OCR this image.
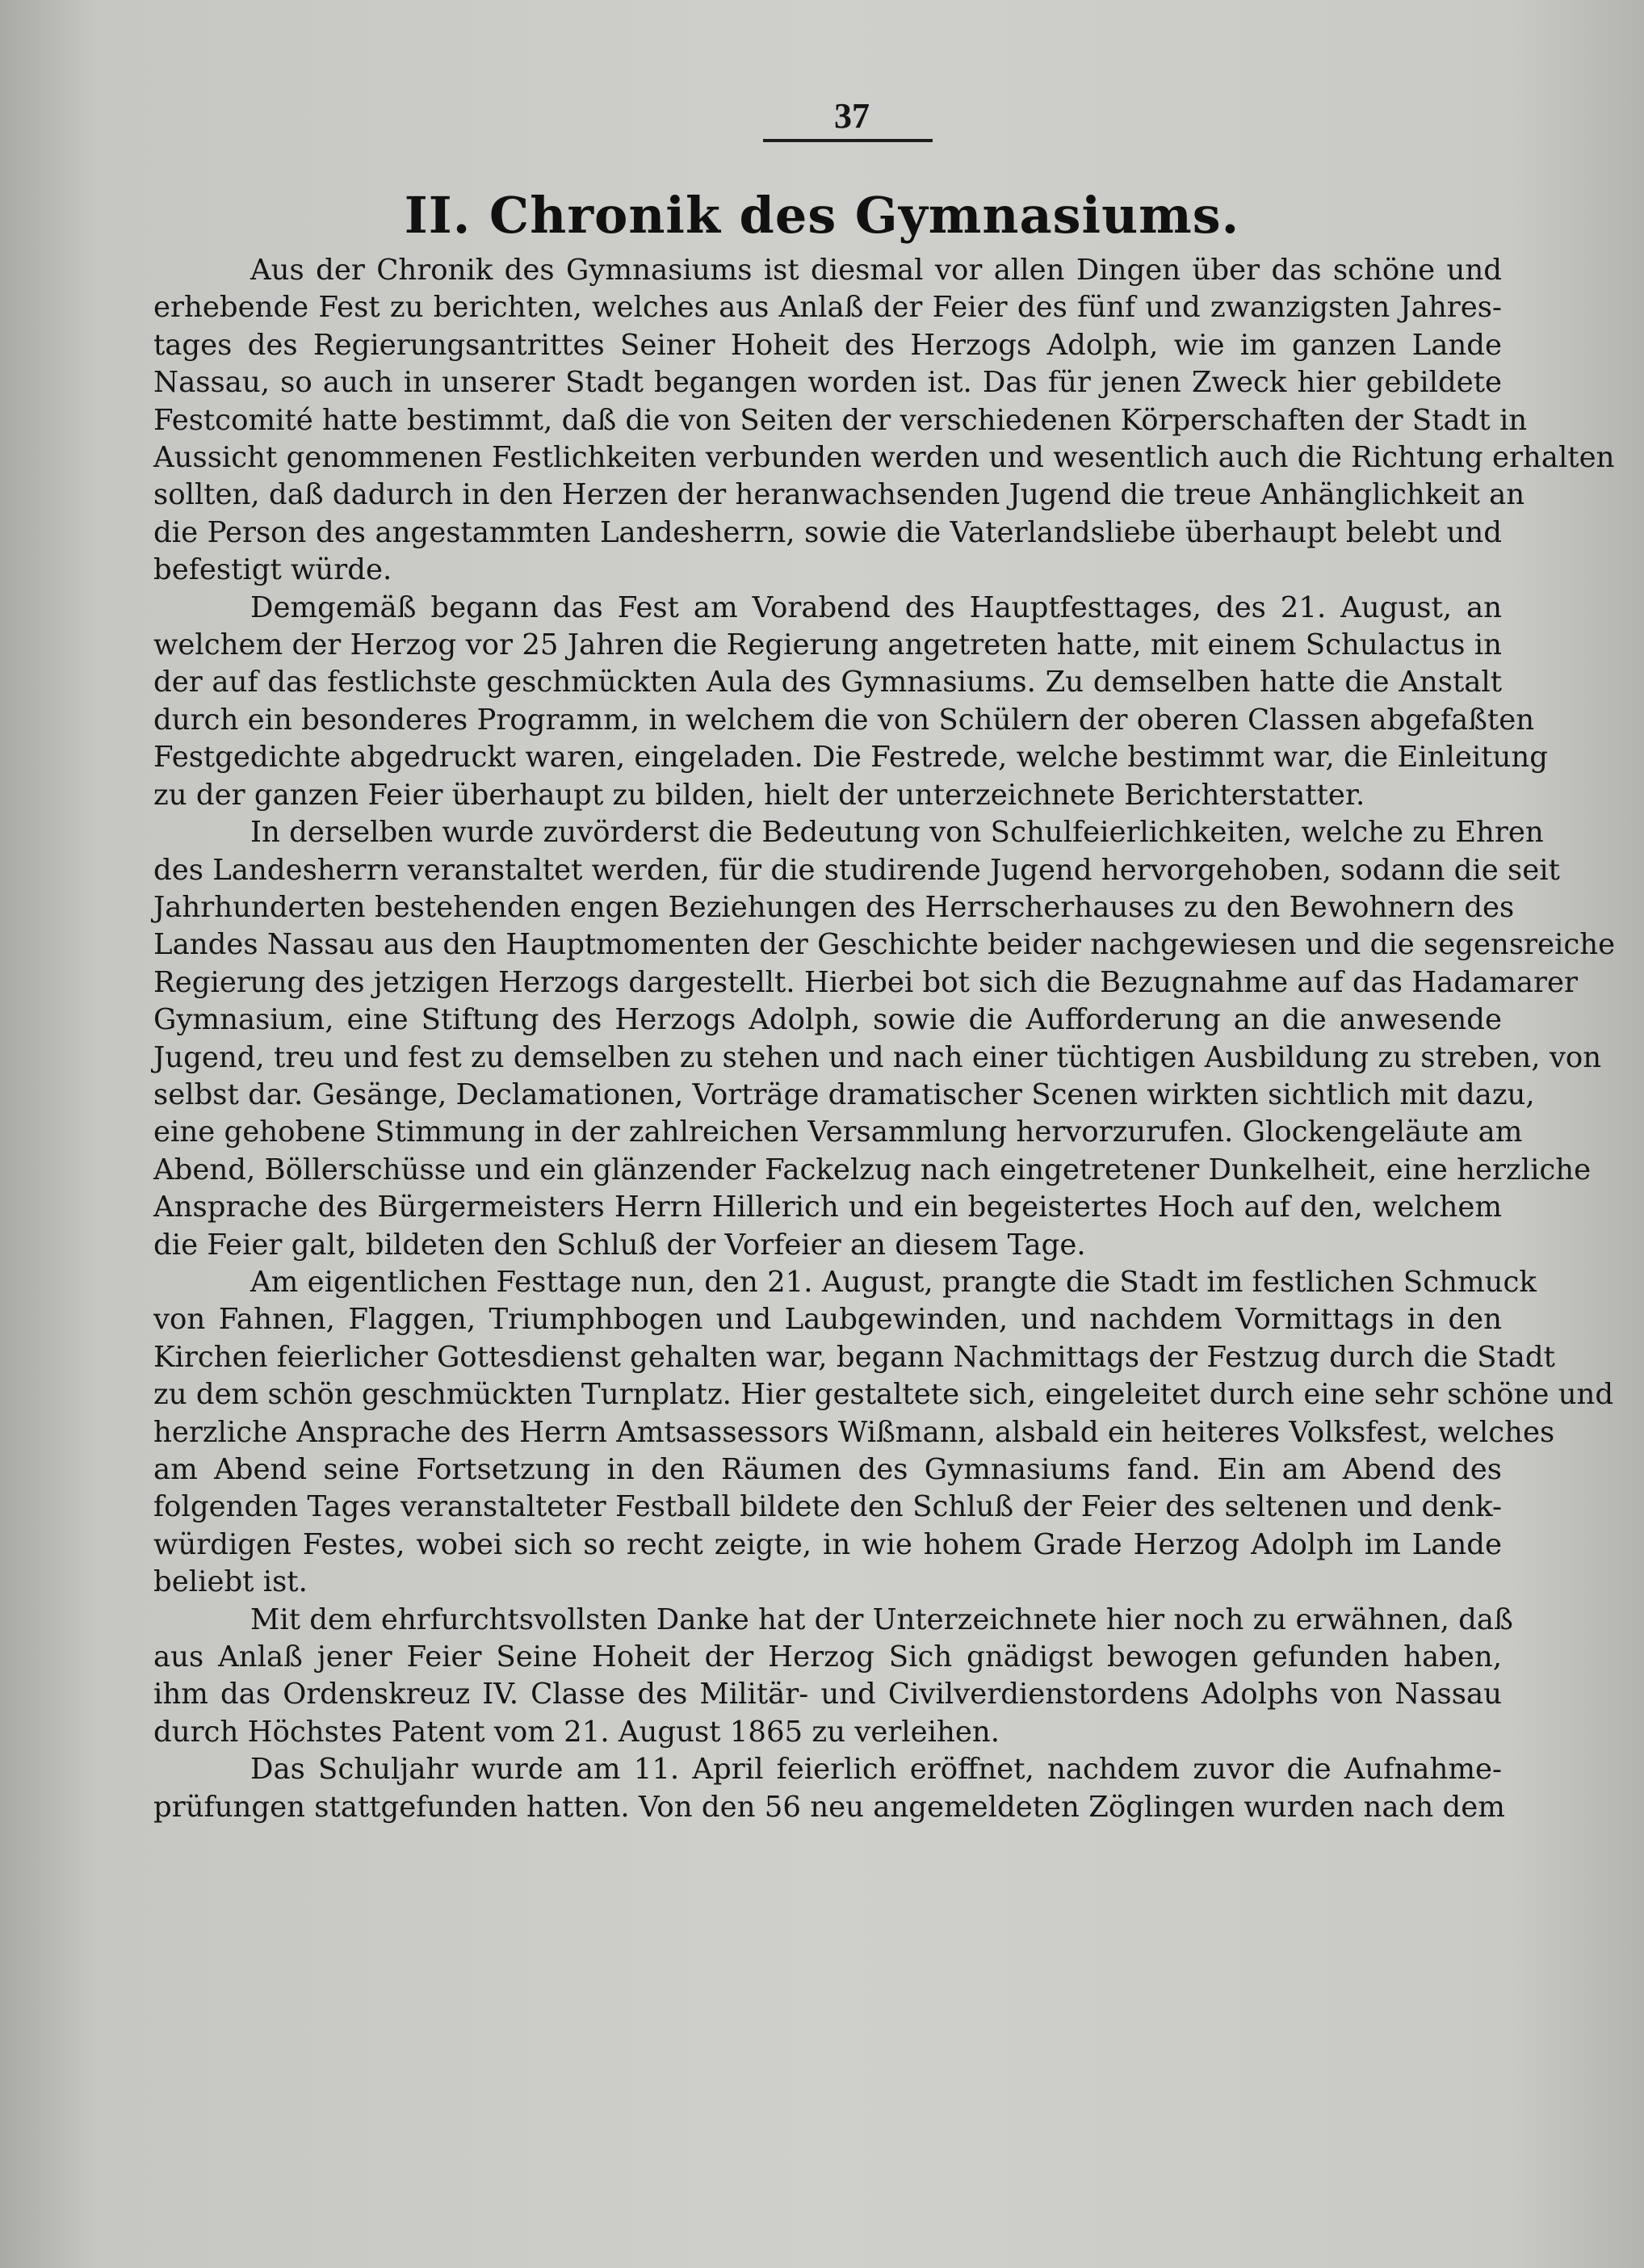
37
II. Chronik des Gymnasiums.
Aus der Chronik des Gymnasiums ist diesmal vor allen Dingen über das schöne und
erhebende Fest zu berichten, welches aus Anlaß der Feier des fünf und zwanzigsten Jahres-
tages des Regierungsantrittes Seiner Hoheit des Herzogs Adolph, wie im ganzen Lande
Nassau, so auch in unserer Stadt begangen worden ist. Das für jenen Zweck hier gebildete
Festcomité hatte bestimmt, daß die von Seiten der verschiedenen Körperschaften der Stadt in
Aussicht genommenen Festlichkeiten verbunden werden und wesentlich auch die Richtung erhalten
sollten, daß dadurch in den Herzen der heranwachsenden Jugend die treue Anhänglichkeit an
die Person des angestammten Landesherrn, sowie die Vaterlandsliebe überhaupt belebt und
befestigt würde.
Demgemäß begann das Fest am Vorabend des Hauptfesttages, des 21. August, an
welchem der Herzog vor 25 Jahren die Regierung angetreten hatte, mit einem Schulactus in
der auf das festlichste geschmückten Aula des Gymnasiums. Zu demselben hatte die Anstalt
durch ein besonderes Programm, in welchem die von Schülern der oberen Classen abgefaßten
Festgedichte abgedruckt waren, eingeladen. Die Festrede, welche bestimmt war, die Einleitung
zu der ganzen Feier überhaupt zu bilden, hielt der unterzeichnete Berichterstatter.
In derselben wurde zuvörderst die Bedeutung von Schulfeierlichkeiten, welche zu Ehren
des Landesherrn veranstaltet werden, für die studirende Jugend hervorgehoben, sodann die seit
Jahrhunderten bestehenden engen Beziehungen des Herrscherhauses zu den Bewohnern des
Landes Nassau aus den Hauptmomenten der Geschichte beider nachgewiesen und die segensreiche
Regierung des jetzigen Herzogs dargestellt. Hierbei bot sich die Bezugnahme auf das Hadamarer
Gymnasium, eine Stiftung des Herzogs Adolph, sowie die Aufforderung an die anwesende
Jugend, treu und fest zu demselben zu stehen und nach einer tüchtigen Ausbildung zu streben, von
selbst dar. Gesänge, Declamationen, Vorträge dramatischer Scenen wirkten sichtlich mit dazu,
eine gehobene Stimmung in der zahlreichen Versammlung hervorzurufen. Glockengeläute am
Abend, Böllerschüsse und ein glänzender Fackelzug nach eingetretener Dunkelheit, eine herzliche
Ansprache des Bürgermeisters Herrn Hillerich und ein begeistertes Hoch auf den, welchem
die Feier galt, bildeten den Schluß der Vorfeier an diesem Tage.
Am eigentlichen Festtage nun, den 21. August, prangte die Stadt im festlichen Schmuck
von Fahnen, Flaggen, Triumphbogen und Laubgewinden, und nachdem Vormittags in den
Kirchen feierlicher Gottesdienst gehalten war, begann Nachmittags der Festzug durch die Stadt
zu dem schön geschmückten Turnplatz. Hier gestaltete sich, eingeleitet durch eine sehr schöne und
herzliche Ansprache des Herrn Amtsassessors Wißmann, alsbald ein heiteres Volksfest, welches
am Abend seine Fortsetzung in den Räumen des Gymnasiums fand. Ein am Abend des
folgenden Tages veranstalteter Festball bildete den Schluß der Feier des seltenen und denk-
würdigen Festes, wobei sich so recht zeigte, in wie hohem Grade Herzog Adolph im Lande
beliebt ist.
Mit dem ehrfurchtsvollsten Danke hat der Unterzeichnete hier noch zu erwähnen, daß
aus Anlaß jener Feier Seine Hoheit der Herzog Sich gnädigst bewogen gefunden haben,
ihm das Ordenskreuz IV. Classe des Militär- und Civilverdienstordens Adolphs von Nassau
durch Höchstes Patent vom 21. August 1865 zu verleihen.
Das Schuljahr wurde am 11. April feierlich eröffnet, nachdem zuvor die Aufnahme-
prüfungen stattgefunden hatten. Von den 56 neu angemeldeten Zöglingen wurden nach dem
